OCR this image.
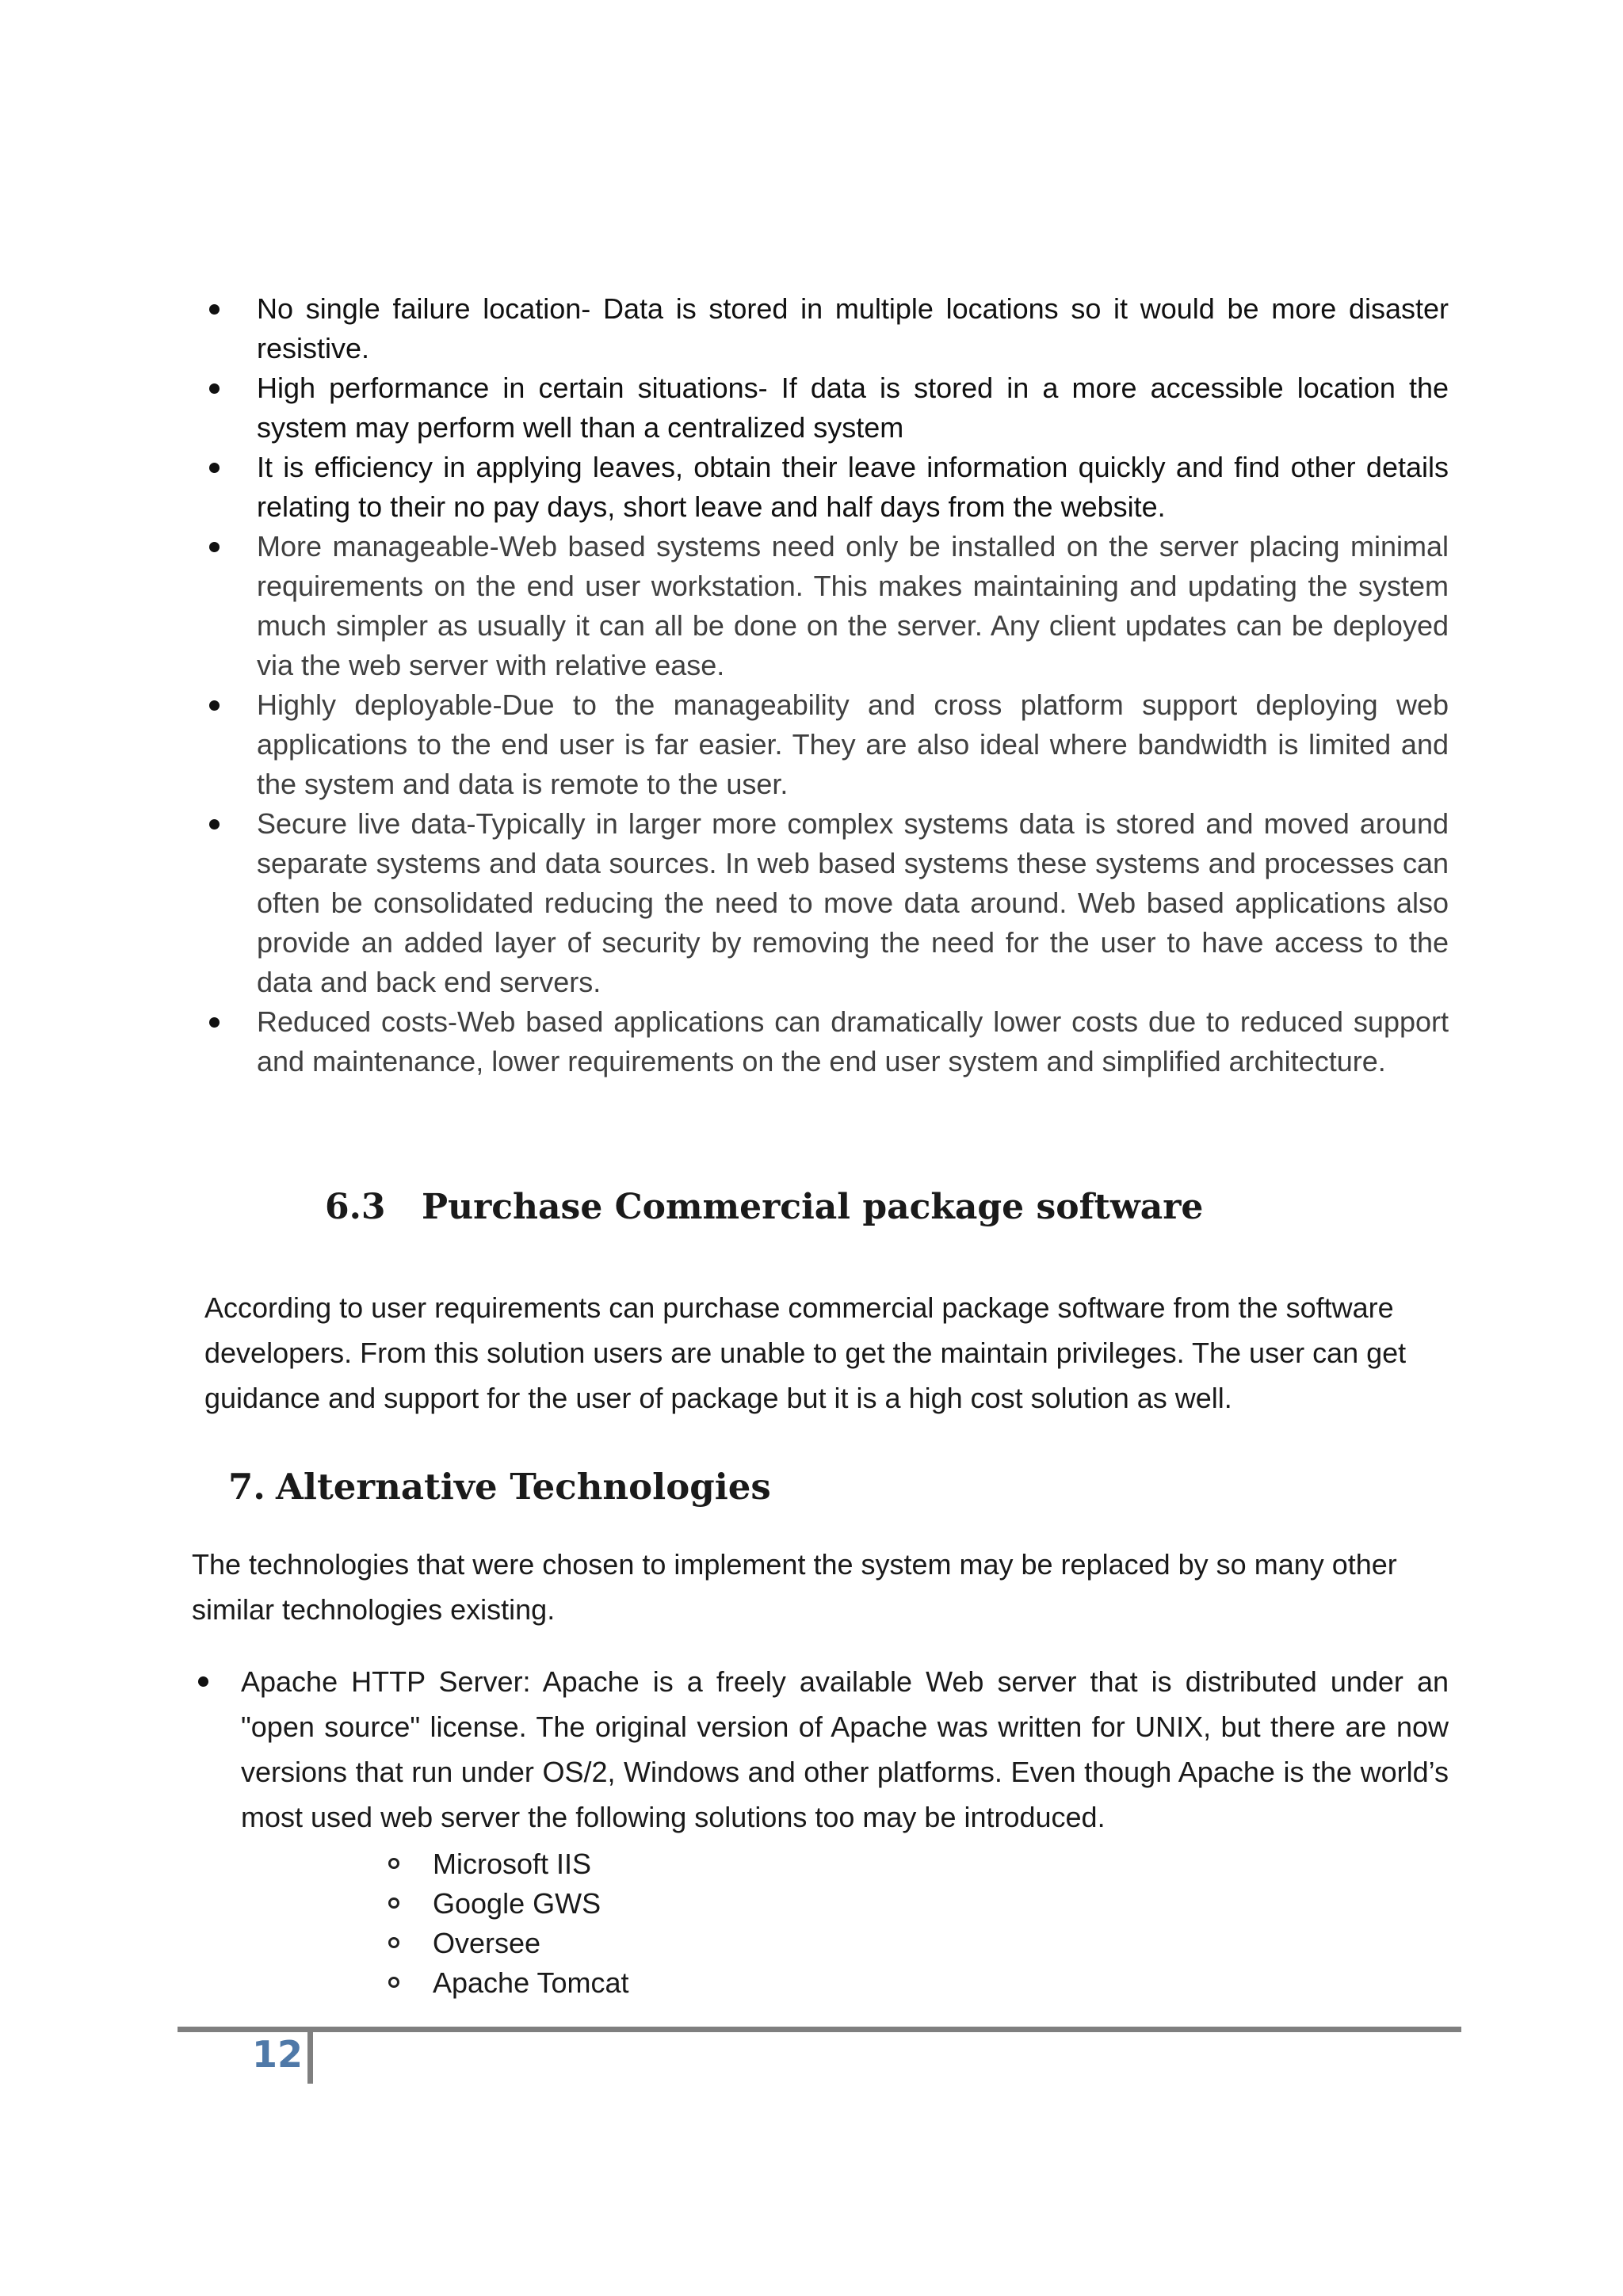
No single failure location- Data is stored in multiple locations so it would be more disaster resistive.
High performance in certain situations- If data is stored in a more accessible location the system may perform well than a centralized system
It is efficiency in applying leaves, obtain their leave information quickly and find other details relating to their no pay days, short leave and half days from the website.
More manageable-Web based systems need only be installed on the server placing minimal requirements on the end user workstation. This makes maintaining and updating the system much simpler as usually it can all be done on the server. Any client updates can be deployed via the web server with relative ease.
Highly deployable-Due to the manageability and cross platform support deploying web applications to the end user is far easier. They are also ideal where bandwidth is limited and the system and data is remote to the user.
Secure live data-Typically in larger more complex systems data is stored and moved around separate systems and data sources. In web based systems these systems and processes can often be consolidated reducing the need to move data around. Web based applications also provide an added layer of security by removing the need for the user to have access to the data and back end servers.
Reduced costs-Web based applications can dramatically lower costs due to reduced support and maintenance, lower requirements on the end user system and simplified architecture.
6.3 Purchase Commercial package software

According to user requirements can purchase commercial package software from the software developers. From this solution users are unable to get the maintain privileges. The user can get guidance and support for the user of package but it is a high cost solution as well.

7. Alternative Technologies

The technologies that were chosen to implement the system may be replaced by so many other similar technologies existing.

Apache HTTP Server: Apache is a freely available Web server that is distributed under an "open source" license. The original version of Apache was written for UNIX, but there are now versions that run under OS/2, Windows and other platforms. Even though Apache is the world’s most used web server the following solutions too may be introduced.
Microsoft IIS
Google GWS
Oversee
Apache Tomcat
12
